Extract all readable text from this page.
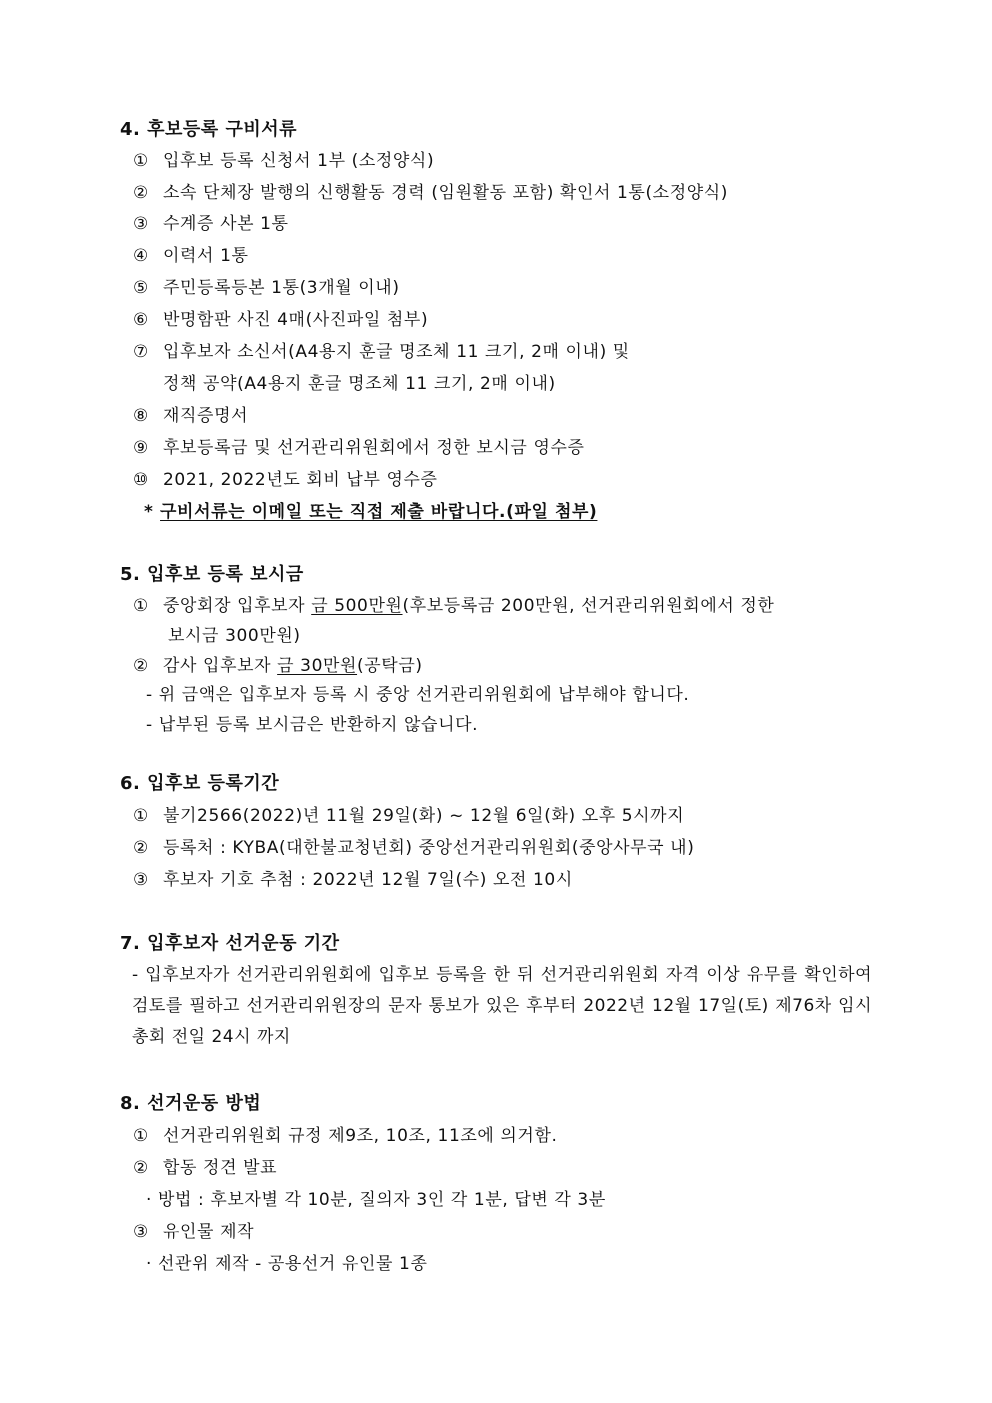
4. 후보등록 구비서류
① 입후보 등록 신청서 1부 (소정양식)
② 소속 단체장 발행의 신행활동 경력 (임원활동 포함) 확인서 1통(소정양식)
③ 수계증 사본 1통
④ 이력서 1통
⑤ 주민등록등본 1통(3개월 이내)
⑥ 반명함판 사진 4매(사진파일 첨부)
⑦ 입후보자 소신서(A4용지 훈글 명조체 11 크기, 2매 이내) 및
정책 공약(A4용지 훈글 명조체 11 크기, 2매 이내)
⑧ 재직증명서
⑨ 후보등록금 및 선거관리위원회에서 정한 보시금 영수증
⑩ 2021, 2022년도 회비 납부 영수증
* 구비서류는 이메일 또는 직접 제출 바랍니다.(파일 첨부)
5. 입후보 등록 보시금
① 중앙회장 입후보자 금 500만원(후보등록금 200만원, 선거관리위원회에서 정한
보시금 300만원)
② 감사 입후보자 금 30만원(공탁금)
- 위 금액은 입후보자 등록 시 중앙 선거관리위원회에 납부해야 합니다.
- 납부된 등록 보시금은 반환하지 않습니다.
6. 입후보 등록기간
① 불기2566(2022)년 11월 29일(화) ~ 12월 6일(화) 오후 5시까지
② 등록처 : KYBA(대한불교청년회) 중앙선거관리위원회(중앙사무국 내)
③ 후보자 기호 추첨 : 2022년 12월 7일(수) 오전 10시
7. 입후보자 선거운동 기간
- 입후보자가 선거관리위원회에 입후보 등록을 한 뒤 선거관리위원회 자격 이상 유무를 확인하여 검토를 필하고 선거관리위원장의 문자 통보가 있은 후부터 2022년 12월 17일(토) 제76차 임시총회 전일 24시 까지
8. 선거운동 방법
① 선거관리위원회 규정 제9조, 10조, 11조에 의거함.
② 합동 정견 발표
· 방법 : 후보자별 각 10분, 질의자 3인 각 1분, 답변 각 3분
③ 유인물 제작
· 선관위 제작 - 공용선거 유인물 1종
